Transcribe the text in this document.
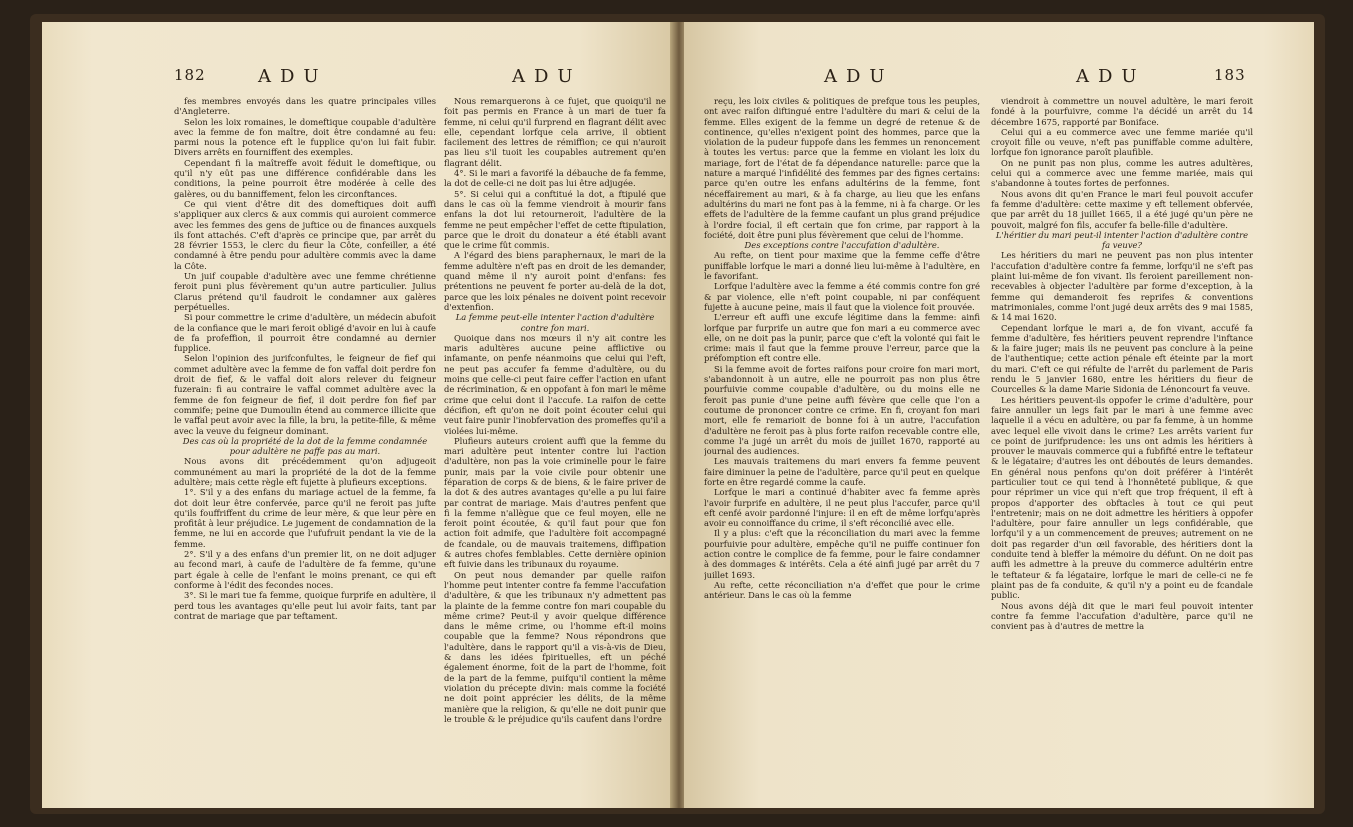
182	ADU	ADU

fes membres envoyés dans les quatre principales villes d'Angleterre.

Selon les loix romaines, le domeftique coupable d'adultère avec la femme de fon maître, doit être condamné au feu: parmi nous la potence eft le fupplice qu'on lui fait fubir. Divers arrêts en fourniffent des exemples.

Cependant fi la maîtreffe avoit féduit le domeftique, ou qu'il n'y eût pas une différence confidérable dans les conditions, la peine pourroit être modérée à celle des galères, ou du banniffement, felon les circonftances.

Ce qui vient d'être dit des domeftiques doit auffi s'appliquer aux clercs & aux commis qui auroient commerce avec les femmes des gens de juftice ou de finances auxquels ils font attachés. C'eft d'après ce principe que, par arrêt du 28 février 1553, le clerc du fieur la Côte, confeiller, a été condamné à être pendu pour adultère commis avec la dame la Côte.

Un juif coupable d'adultère avec une femme chrétienne feroit puni plus févèrement qu'un autre particulier. Julius Clarus prétend qu'il faudroit le condamner aux galères perpétuelles.

Si pour commettre le crime d'adultère, un médecin abufoit de la confiance que le mari feroit obligé d'avoir en lui à caufe de fa profeffion, il pourroit être condamné au dernier fupplice.

Selon l'opinion des jurifconfultes, le feigneur de fief qui commet adultère avec la femme de fon vaffal doit perdre fon droit de fief, & le vaffal doit alors relever du feigneur fuzerain: fi au contraire le vaffal commet adultère avec la femme de fon feigneur de fief, il doit perdre fon fief par commife; peine que Dumoulin étend au commerce illicite que le vaffal peut avoir avec la fille, la bru, la petite-fille, & même avec la veuve du feigneur dominant.

Des cas où la propriété de la dot de la femme condamnée pour adultère ne paffe pas au mari.

Nous avons dit précédemment qu'on adjugeoit communément au mari la propriété de la dot de la femme adultère; mais cette règle eft fujette à plufieurs exceptions.

1°. S'il y a des enfans du mariage actuel de la femme, fa dot doit leur être confervée, parce qu'il ne feroit pas jufte qu'ils fouffriffent du crime de leur mère, & que leur père en profitât à leur préjudice. Le jugement de condamnation de la femme, ne lui en accorde que l'ufufruit pendant la vie de la femme.

2°. S'il y a des enfans d'un premier lit, on ne doit adjuger au fecond mari, à caufe de l'adultère de fa femme, qu'une part égale à celle de l'enfant le moins prenant, ce qui eft conforme à l'édit des fecondes noces.

3°. Si le mari tue fa femme, quoique furprife en adultère, il perd tous les avantages qu'elle peut lui avoir faits, tant par contrat de mariage que par teftament.

Nous remarquerons à ce fujet, que quoiqu'il ne foit pas permis en France à un mari de tuer fa femme, ni celui qu'il furprend en flagrant délit avec elle, cependant lorfque cela arrive, il obtient facilement des lettres de rémiffion; ce qui n'auroit pas lieu s'il tuoit les coupables autrement qu'en flagrant délit.

4°. Si le mari a favorifé la débauche de fa femme, la dot de celle-ci ne doit pas lui être adjugée.

5°. Si celui qui a conftitué la dot, a ftipulé que dans le cas où la femme viendroit à mourir fans enfans la dot lui retourneroit, l'adultère de la femme ne peut empêcher l'effet de cette ftipulation, parce que le droit du donateur a été établi avant que le crime fût commis.

A l'égard des biens paraphernaux, le mari de la femme adultère n'eft pas en droit de les demander, quand même il n'y auroit point d'enfans: fes prétentions ne peuvent fe porter au-delà de la dot, parce que les loix pénales ne doivent point recevoir d'extenfion.

La femme peut-elle intenter l'action d'adultère contre fon mari.

Quoique dans nos mœurs il n'y ait contre les maris adultères aucune peine afflictive ou infamante, on penfe néanmoins que celui qui l'eft, ne peut pas accufer fa femme d'adultère, ou du moins que celle-ci peut faire ceffer l'action en ufant de récrimination, & en oppofant à fon mari le même crime que celui dont il l'accufe. La raifon de cette décifion, eft qu'on ne doit point écouter celui qui veut faire punir l'inobfervation des promeffes qu'il a violées lui-même.

Plufieurs auteurs croient auffi que la femme du mari adultère peut intenter contre lui l'action d'adultère, non pas la voie criminelle pour le faire punir, mais par la voie civile pour obtenir une féparation de corps & de biens, & le faire priver de la dot & des autres avantages qu'elle a pu lui faire par contrat de mariage. Mais d'autres penfent que fi la femme n'allègue que ce feul moyen, elle ne feroit point écoutée, & qu'il faut pour que fon action foit admife, que l'adultère foit accompagné de fcandale, ou de mauvais traitemens, diffipation & autres chofes femblables. Cette dernière opinion eft fuivie dans les tribunaux du royaume.

On peut nous demander par quelle raifon l'homme peut intenter contre fa femme l'accufation d'adultère, & que les tribunaux n'y admettent pas la plainte de la femme contre fon mari coupable du même crime? Peut-il y avoir quelque différence dans le même crime, ou l'homme eft-il moins coupable que la femme? Nous répondrons que l'adultère, dans le rapport qu'il a vis-à-vis de Dieu, & dans les idées fpirituelles, eft un péché également énorme, foit de la part de l'homme, foit de la part de la femme, puifqu'il contient la même violation du précepte divin: mais comme la fociété ne doit point apprécier les délits, de la même manière que la religion, & qu'elle ne doit punir que le trouble & le préjudice qu'ils caufent dans l'ordre

ADU	ADU	183

reçu, les loix civiles & politiques de prefque tous les peuples, ont avec raifon diftingué entre l'adultère du mari & celui de la femme. Elles exigent de la femme un degré de retenue & de continence, qu'elles n'exigent point des hommes, parce que la violation de la pudeur fuppofe dans les femmes un renoncement à toutes les vertus: parce que la femme en violant les loix du mariage, fort de l'état de fa dépendance naturelle: parce que la nature a marqué l'infidélité des femmes par des fignes certains: parce qu'en outre les enfans adultérins de la femme, font néceffairement au mari, & à fa charge, au lieu que les enfans adultérins du mari ne font pas à la femme, ni à fa charge. Or les effets de l'adultère de la femme caufant un plus grand préjudice à l'ordre focial, il eft certain que fon crime, par rapport à la fociété, doit être puni plus févèrement que celui de l'homme.

Des exceptions contre l'accufation d'adultère.

Au refte, on tient pour maxime que la femme ceffe d'être puniffable lorfque le mari a donné lieu lui-même à l'adultère, en le favorifant.

Lorfque l'adultère avec la femme a été commis contre fon gré & par violence, elle n'eft point coupable, ni par conféquent fujette à aucune peine, mais il faut que la violence foit prouvée.

L'erreur eft auffi une excufe légitime dans la femme: ainfi lorfque par furprife un autre que fon mari a eu commerce avec elle, on ne doit pas la punir, parce que c'eft la volonté qui fait le crime: mais il faut que la femme prouve l'erreur, parce que la préfomption eft contre elle.

Si la femme avoit de fortes raifons pour croire fon mari mort, s'abandonnoit à un autre, elle ne pourroit pas non plus être pourfuivie comme coupable d'adultère, ou du moins elle ne feroit pas punie d'une peine auffi févère que celle que l'on a coutume de prononcer contre ce crime. En fi, croyant fon mari mort, elle fe remarioit de bonne foi à un autre, l'accufation d'adultère ne feroit pas à plus forte raifon recevable contre elle, comme l'a jugé un arrêt du mois de juillet 1670, rapporté au journal des audiences.

Les mauvais traitemens du mari envers fa femme peuvent faire diminuer la peine de l'adultère, parce qu'il peut en quelque forte en être regardé comme la caufe.

Lorfque le mari a continué d'habiter avec fa femme après l'avoir furprife en adultère, il ne peut plus l'accufer, parce qu'il eft cenfé avoir pardonné l'injure: il en eft de même lorfqu'après avoir eu connoiffance du crime, il s'eft réconcilié avec elle.

Il y a plus: c'eft que la réconciliation du mari avec la femme pourfuivie pour adultère, empêche qu'il ne puiffe continuer fon action contre le complice de fa femme, pour le faire condamner à des dommages & intérêts. Cela a été ainfi jugé par arrêt du 7 juillet 1693.

Au refte, cette réconciliation n'a d'effet que pour le crime antérieur. Dans le cas où la femme

viendroit à commettre un nouvel adultère, le mari feroit fondé à la pourfuivre, comme l'a décidé un arrêt du 14 décembre 1675, rapporté par Boniface.

Celui qui a eu commerce avec une femme mariée qu'il croyoit fille ou veuve, n'eft pas puniffable comme adultère, lorfque fon ignorance paroît plaufible.

On ne punit pas non plus, comme les autres adultères, celui qui a commerce avec une femme mariée, mais qui s'abandonne à toutes fortes de perfonnes.

Nous avons dit qu'en France le mari feul pouvoit accufer fa femme d'adultère: cette maxime y eft tellement obfervée, que par arrêt du 18 juillet 1665, il a été jugé qu'un père ne pouvoit, malgré fon fils, accufer fa belle-fille d'adultère.

L'héritier du mari peut-il intenter l'action d'adultère contre fa veuve?

Les héritiers du mari ne peuvent pas non plus intenter l'accufation d'adultère contre fa femme, lorfqu'il ne s'eft pas plaint lui-même de fon vivant. Ils feroient pareillement non-recevables à objecter l'adultère par forme d'exception, à la femme qui demanderoit fes reprifes & conventions matrimoniales, comme l'ont jugé deux arrêts des 9 mai 1585, & 14 mai 1620.

Cependant lorfque le mari a, de fon vivant, accufé fa femme d'adultère, fes héritiers peuvent reprendre l'inftance & la faire juger; mais ils ne peuvent pas conclure à la peine de l'authentique; cette action pénale eft éteinte par la mort du mari. C'eft ce qui réfulte de l'arrêt du parlement de Paris rendu le 5 janvier 1680, entre les héritiers du fieur de Courcelles & la dame Marie Sidonia de Lénoncourt fa veuve.

Les héritiers peuvent-ils oppofer le crime d'adultère, pour faire annuller un legs fait par le mari à une femme avec laquelle il a vécu en adultère, ou par fa femme, à un homme avec lequel elle vivoit dans le crime? Les arrêts varient fur ce point de jurifprudence: les uns ont admis les héritiers à prouver le mauvais commerce qui a fubfifté entre le teftateur & le légataire; d'autres les ont déboutés de leurs demandes. En général nous penfons qu'on doit préférer à l'intérêt particulier tout ce qui tend à l'honnêteté publique, & que pour réprimer un vice qui n'eft que trop fréquent, il eft à propos d'apporter des obftacles à tout ce qui peut l'entretenir; mais on ne doit admettre les héritiers à oppofer l'adultère, pour faire annuller un legs confidérable, que lorfqu'il y a un commencement de preuves; autrement on ne doit pas regarder d'un œil favorable, des héritiers dont la conduite tend à bleffer la mémoire du défunt. On ne doit pas auffi les admettre à la preuve du commerce adultérin entre le teftateur & fa légataire, lorfque le mari de celle-ci ne fe plaint pas de fa conduite, & qu'il n'y a point eu de fcandale public.

Nous avons déjà dit que le mari feul pouvoit intenter contre fa femme l'accufation d'adultère, parce qu'il ne convient pas à d'autres de mettre la
